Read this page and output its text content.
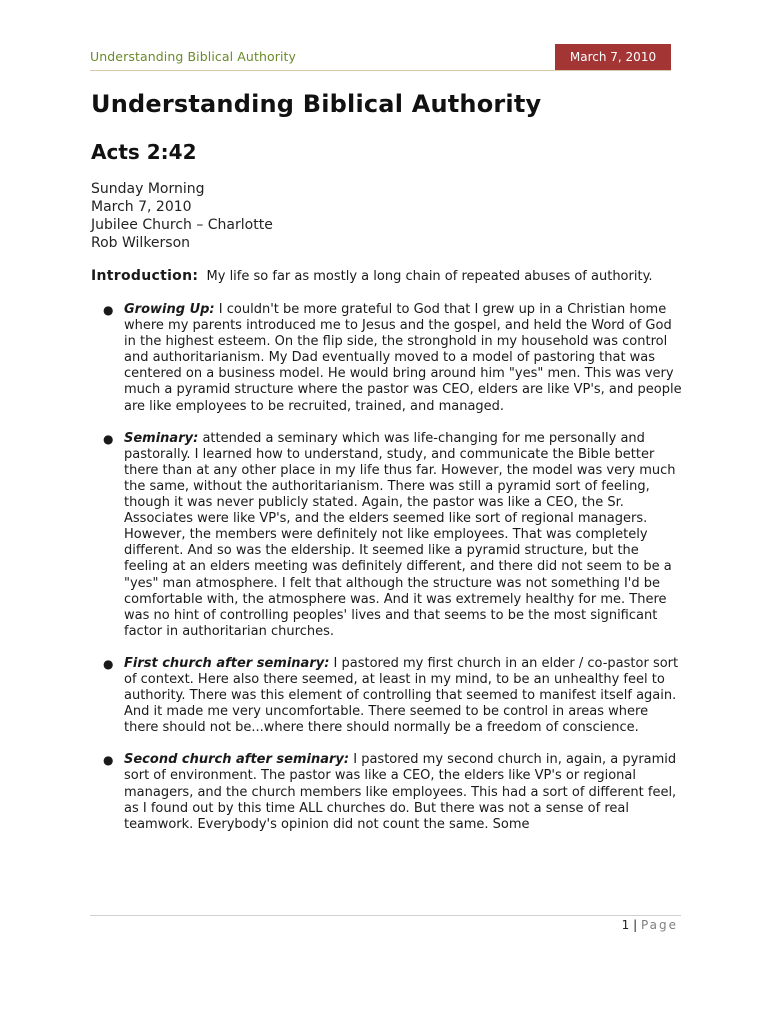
Understanding Biblical Authority	March 7, 2010
Understanding Biblical Authority
Acts 2:42
Sunday Morning
March 7, 2010
Jubilee Church – Charlotte
Rob Wilkerson

Introduction: My life so far as mostly a long chain of repeated abuses of authority.

● Growing Up: I couldn't be more grateful to God that I grew up in a Christian home where my parents introduced me to Jesus and the gospel, and held the Word of God in the highest esteem. On the flip side, the stronghold in my household was control and authoritarianism. My Dad eventually moved to a model of pastoring that was centered on a business model. He would bring around him "yes" men. This was very much a pyramid structure where the pastor was CEO, elders are like VP's, and people are like employees to be recruited, trained, and managed.
● Seminary: attended a seminary which was life-changing for me personally and pastorally. I learned how to understand, study, and communicate the Bible better there than at any other place in my life thus far. However, the model was very much the same, without the authoritarianism. There was still a pyramid sort of feeling, though it was never publicly stated. Again, the pastor was like a CEO, the Sr. Associates were like VP's, and the elders seemed like sort of regional managers. However, the members were definitely not like employees. That was completely different. And so was the eldership. It seemed like a pyramid structure, but the feeling at an elders meeting was definitely different, and there did not seem to be a "yes" man atmosphere. I felt that although the structure was not something I'd be comfortable with, the atmosphere was. And it was extremely healthy for me. There was no hint of controlling peoples' lives and that seems to be the most significant factor in authoritarian churches.
● First church after seminary: I pastored my first church in an elder / co-pastor sort of context. Here also there seemed, at least in my mind, to be an unhealthy feel to authority. There was this element of controlling that seemed to manifest itself again. And it made me very uncomfortable. There seemed to be control in areas where there should not be...where there should normally be a freedom of conscience.
● Second church after seminary: I pastored my second church in, again, a pyramid sort of environment. The pastor was like a CEO, the elders like VP's or regional managers, and the church members like employees. This had a sort of different feel, as I found out by this time ALL churches do. But there was not a sense of real teamwork. Everybody's opinion did not count the same. Some
1 | Page
